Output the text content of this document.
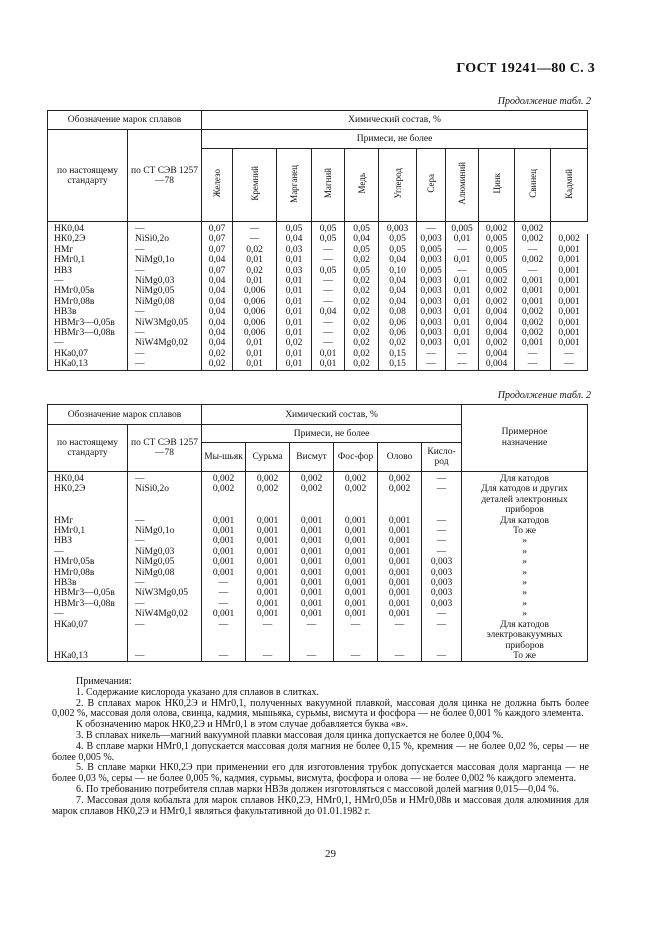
ГОСТ 19241—80 С. 3
Продолжение табл. 2
Обозначение марок сплавов		Химический состав, %										
по настоящему стандарту	по СТ СЭВ 1257—78	Примеси, не более										
		Железо	Кремний	Марганец	Магний	Медь	Углерод	Сера	Алюминий	Цинк	Свинец	Кадмий
НК0,04	—	0,07	—	0,05	0,05	0,05	0,003	—	0,005	0,002	0,002	
НК0,2Э	NiSi0,2о	0,07	—	0,04	0,05	0,04	0,05	0,003	0,01	0,005	0,002	0,002
НМг	—	0,07	0,02	0,03	—	0,05	0,05	0,005	—	0,005	—	0,001
НМг0,1	NiMg0,1о	0,04	0,01	0,01	—	0,02	0,04	0,003	0,01	0,005	0,002	0,001
НВЗ	—	0,07	0,02	0,03	0,05	0,05	0,10	0,005	—	0,005	—	0,001
—	NiMg0,03	0,04	0,01	0,01	—	0,02	0,04	0,003	0,01	0,002	0,001	0,001
НМг0,05в	NiMg0,05	0,04	0,006	0,01	—	0,02	0,04	0,003	0,01	0,002	0,001	0,001
НМг0,08в	NiMg0,08	0,04	0,006	0,01	—	0,02	0,04	0,003	0,01	0,002	0,001	0,001
НВ3в	—	0,04	0,006	0,01	0,04	0,02	0,08	0,003	0,01	0,004	0,002	0,001
НВМг3—0,05в	NiW3Mg0,05	0,04	0,006	0,01	—	0,02	0,06	0,003	0,01	0,004	0,002	0,001
НВМг3—0,08в	—	0,04	0,006	0,01	—	0,02	0,06	0,003	0,01	0,004	0,002	0,001
—	NiW4Mg0,02	0,04	0,01	0,02	—	0,02	0,02	0,003	0,01	0,002	0,001	0,001
НКа0,07	—	0,02	0,01	0,01	0,01	0,02	0,15	—	—	0,004	—	—
НКа0,13	—	0,02	0,01	0,01	0,01	0,02	0,15	—	—	0,004	—	—

Продолжение табл. 2
Обозначение марок сплавов		Химический состав, %						Примерное назначение

по настоящему стандарту	по СТ СЭВ 1257—78	Примеси, не более						
		Мы-шьяк	Сурьма	Висмут	Фос-фор	Олово	Кисло-род	
НК0,04	—	0,002	0,002	0,002	0,002	0,002	—	Для катодов

НК0,2Э	NiSi0,2о	0,002	0,002	0,002	0,002	0,002	—	Для катодов и других деталей электронных приборов

НМг	—	0,001	0,001	0,001	0,001	0,001	—	Для катодов

НМг0,1	NiMg0,1о	0,001	0,001	0,001	0,001	0,001	—	То же

НВЗ	—	0,001	0,001	0,001	0,001	0,001	—	»

—	NiMg0,03	0,001	0,001	0,001	0,001	0,001	—	»

НМг0,05в	NiMg0,05	0,001	0,001	0,001	0,001	0,001	0,003	»

НМг0,08в	NiMg0,08	0,001	0,001	0,001	0,001	0,001	0,003	»

НВ3в	—	—	0,001	0,001	0,001	0,001	0,003	»

НВМг3—0,05в	NiW3Mg0,05	—	0,001	0,001	0,001	0,001	0,003	»

НВМг3—0,08в	—	—	0,001	0,001	0,001	0,001	0,003	»

—	NiW4Mg0,02	0,001	0,001	0,001	0,001	0,001	—	»

НКа0,07	—	—	—	—	—	—	—	Для катодов электровакуумных приборов

НКа0,13	—	—	—	—	—	—	—	То же

Примечания:

1. Содержание кислорода указано для сплавов в слитках.

2. В сплавах марок НК0,2Э и НМг0,1, полученных вакуумной плавкой, массовая доля цинка не должна быть более 0,002 %, массовая доля олова, свинца, кадмия, мышьяка, сурьмы, висмута и фосфора — не более 0,001 % каждого элемента.

К обозначению марок НК0,2Э и НМг0,1 в этом случае добавляется буква «в».

3. В сплавах никель—магний вакуумной плавки массовая доля цинка допускается не более 0,004 %.

4. В сплаве марки НМг0,1 допускается массовая доля магния не более 0,15 %, кремния — не более 0,02 %, серы — не более 0,005 %.

5. В сплаве марки НК0,2Э при применении его для изготовления трубок допускается массовая доля марганца — не более 0,03 %, серы — не более 0,005 %, кадмия, сурьмы, висмута, фосфора и олова — не более 0,002 % каждого элемента.

6. По требованию потребителя сплав марки НВ3в должен изготовляться с массовой долей магния 0,015—0,04 %.

7. Массовая доля кобальта для марок сплавов НК0,2Э, НМг0,1, НМг0,05в и НМг0,08в и массовая доля алюминия для марок сплавов НК0,2Э и НМг0,1 являться факультативной до 01.01.1982 г.

29
